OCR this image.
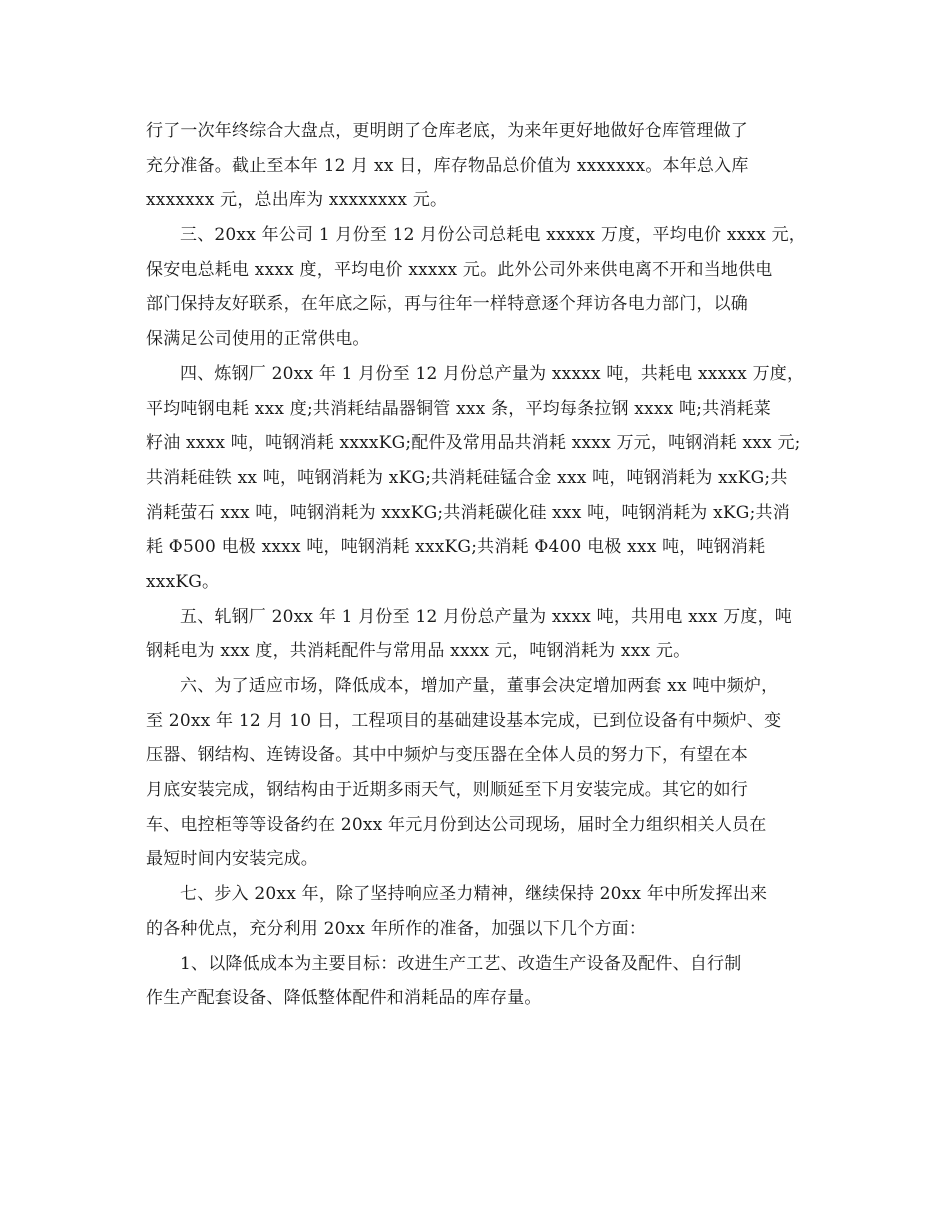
行了一次年终综合大盘点，更明朗了仓库老底，为来年更好地做好仓库管理做了
充分准备。截止至本年 12 月 xx 日，库存物品总价值为 xxxxxxx。本年总入库
xxxxxxx 元，总出库为 xxxxxxxx 元。
三、20xx 年公司 1 月份至 12 月份公司总耗电 xxxxx 万度，平均电价 xxxx 元，
保安电总耗电 xxxx 度，平均电价 xxxxx 元。此外公司外来供电离不开和当地供电
部门保持友好联系，在年底之际，再与往年一样特意逐个拜访各电力部门，以确
保满足公司使用的正常供电。
四、炼钢厂 20xx 年 1 月份至 12 月份总产量为 xxxxx 吨，共耗电 xxxxx 万度，
平均吨钢电耗 xxx 度;共消耗结晶器铜管 xxx 条，平均每条拉钢 xxxx 吨;共消耗菜
籽油 xxxx 吨，吨钢消耗 xxxxKG;配件及常用品共消耗 xxxx 万元，吨钢消耗 xxx 元;
共消耗硅铁 xx 吨，吨钢消耗为 xKG;共消耗硅锰合金 xxx 吨，吨钢消耗为 xxKG;共
消耗萤石 xxx 吨，吨钢消耗为 xxxKG;共消耗碳化硅 xxx 吨，吨钢消耗为 xKG;共消
耗 Φ500 电极 xxxx 吨，吨钢消耗 xxxKG;共消耗 Φ400 电极 xxx 吨，吨钢消耗
xxxKG。
五、轧钢厂 20xx 年 1 月份至 12 月份总产量为 xxxx 吨，共用电 xxx 万度，吨
钢耗电为 xxx 度，共消耗配件与常用品 xxxx 元，吨钢消耗为 xxx 元。
六、为了适应市场，降低成本，增加产量，董事会决定增加两套 xx 吨中频炉，
至 20xx 年 12 月 10 日，工程项目的基础建设基本完成，已到位设备有中频炉、变
压器、钢结构、连铸设备。其中中频炉与变压器在全体人员的努力下，有望在本
月底安装完成，钢结构由于近期多雨天气，则顺延至下月安装完成。其它的如行
车、电控柜等等设备约在 20xx 年元月份到达公司现场，届时全力组织相关人员在
最短时间内安装完成。
七、步入 20xx 年，除了坚持响应圣力精神，继续保持 20xx 年中所发挥出来
的各种优点，充分利用 20xx 年所作的准备，加强以下几个方面：
1、以降低成本为主要目标：改进生产工艺、改造生产设备及配件、自行制
作生产配套设备、降低整体配件和消耗品的库存量。
